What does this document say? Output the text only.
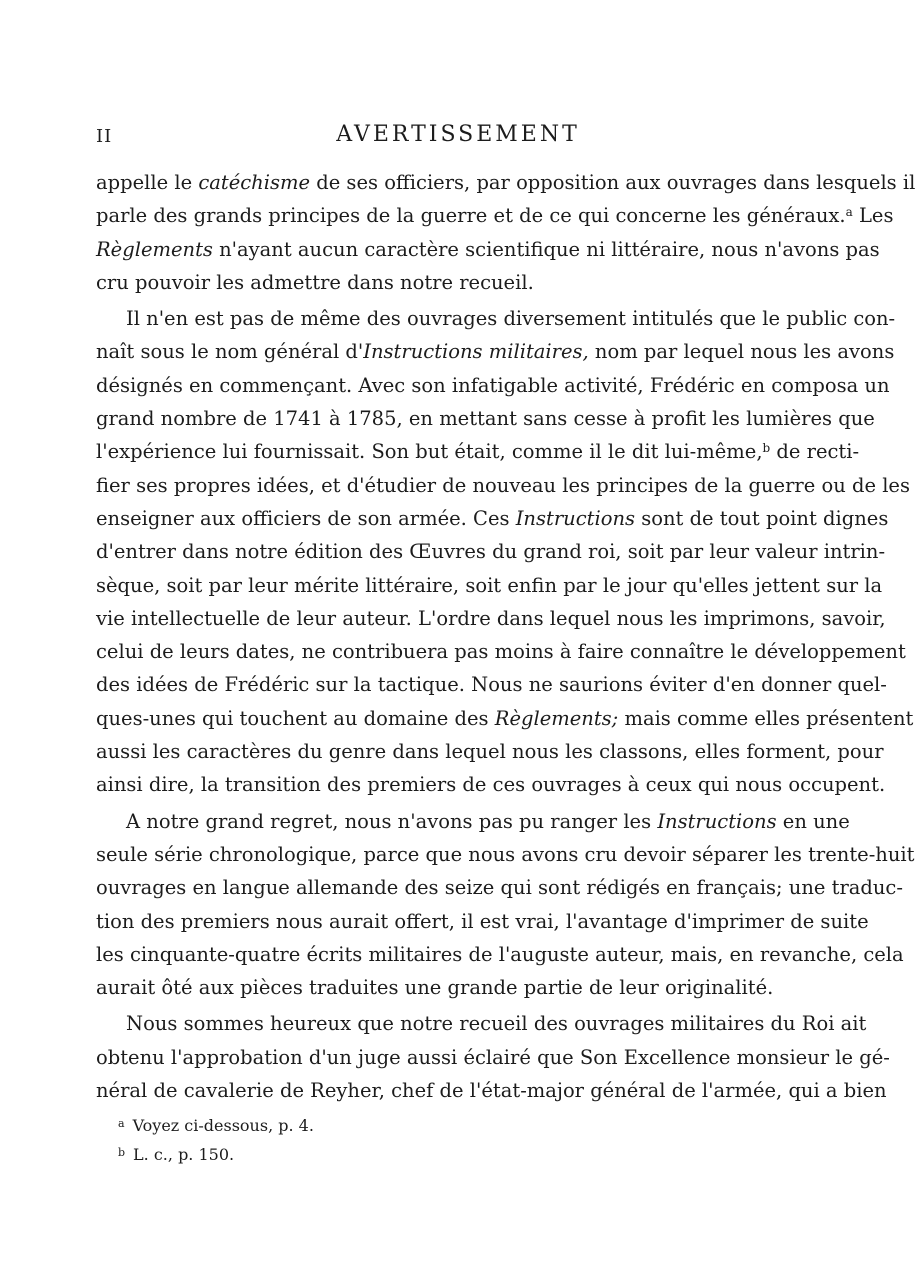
II	AVERTISSEMENT
appelle le catéchisme de ses officiers, par opposition aux ouvrages dans lesquels il
parle des grands principes de la guerre et de ce qui concerne les généraux.$^a$ Les
Règlements n'ayant aucun caractère scientifique ni littéraire, nous n'avons pas
cru pouvoir les admettre dans notre recueil.
Il n'en est pas de même des ouvrages diversement intitulés que le public con-
naît sous le nom général d'Instructions militaires, nom par lequel nous les avons
désignés en commençant. Avec son infatigable activité, Frédéric en composa un
grand nombre de 1741 à 1785, en mettant sans cesse à profit les lumières que
l'expérience lui fournissait. Son but était, comme il le dit lui-même,$^b$ de recti-
fier ses propres idées, et d'étudier de nouveau les principes de la guerre ou de les
enseigner aux officiers de son armée. Ces Instructions sont de tout point dignes
d'entrer dans notre édition des Œuvres du grand roi, soit par leur valeur intrin-
sèque, soit par leur mérite littéraire, soit enfin par le jour qu'elles jettent sur la
vie intellectuelle de leur auteur. L'ordre dans lequel nous les imprimons, savoir,
celui de leurs dates, ne contribuera pas moins à faire connaître le développement
des idées de Frédéric sur la tactique. Nous ne saurions éviter d'en donner quel-
ques-unes qui touchent au domaine des Règlements; mais comme elles présentent
aussi les caractères du genre dans lequel nous les classons, elles forment, pour
ainsi dire, la transition des premiers de ces ouvrages à ceux qui nous occupent.
A notre grand regret, nous n'avons pas pu ranger les Instructions en une
seule série chronologique, parce que nous avons cru devoir séparer les trente-huit
ouvrages en langue allemande des seize qui sont rédigés en français; une traduc-
tion des premiers nous aurait offert, il est vrai, l'avantage d'imprimer de suite
les cinquante-quatre écrits militaires de l'auguste auteur, mais, en revanche, cela
aurait ôté aux pièces traduites une grande partie de leur originalité.
Nous sommes heureux que notre recueil des ouvrages militaires du Roi ait
obtenu l'approbation d'un juge aussi éclairé que Son Excellence monsieur le gé-
néral de cavalerie de Reyher, chef de l'état-major général de l'armée, qui a bien
$^a$ Voyez ci-dessous, p. 4.
$^b$ L. c., p. 150.
